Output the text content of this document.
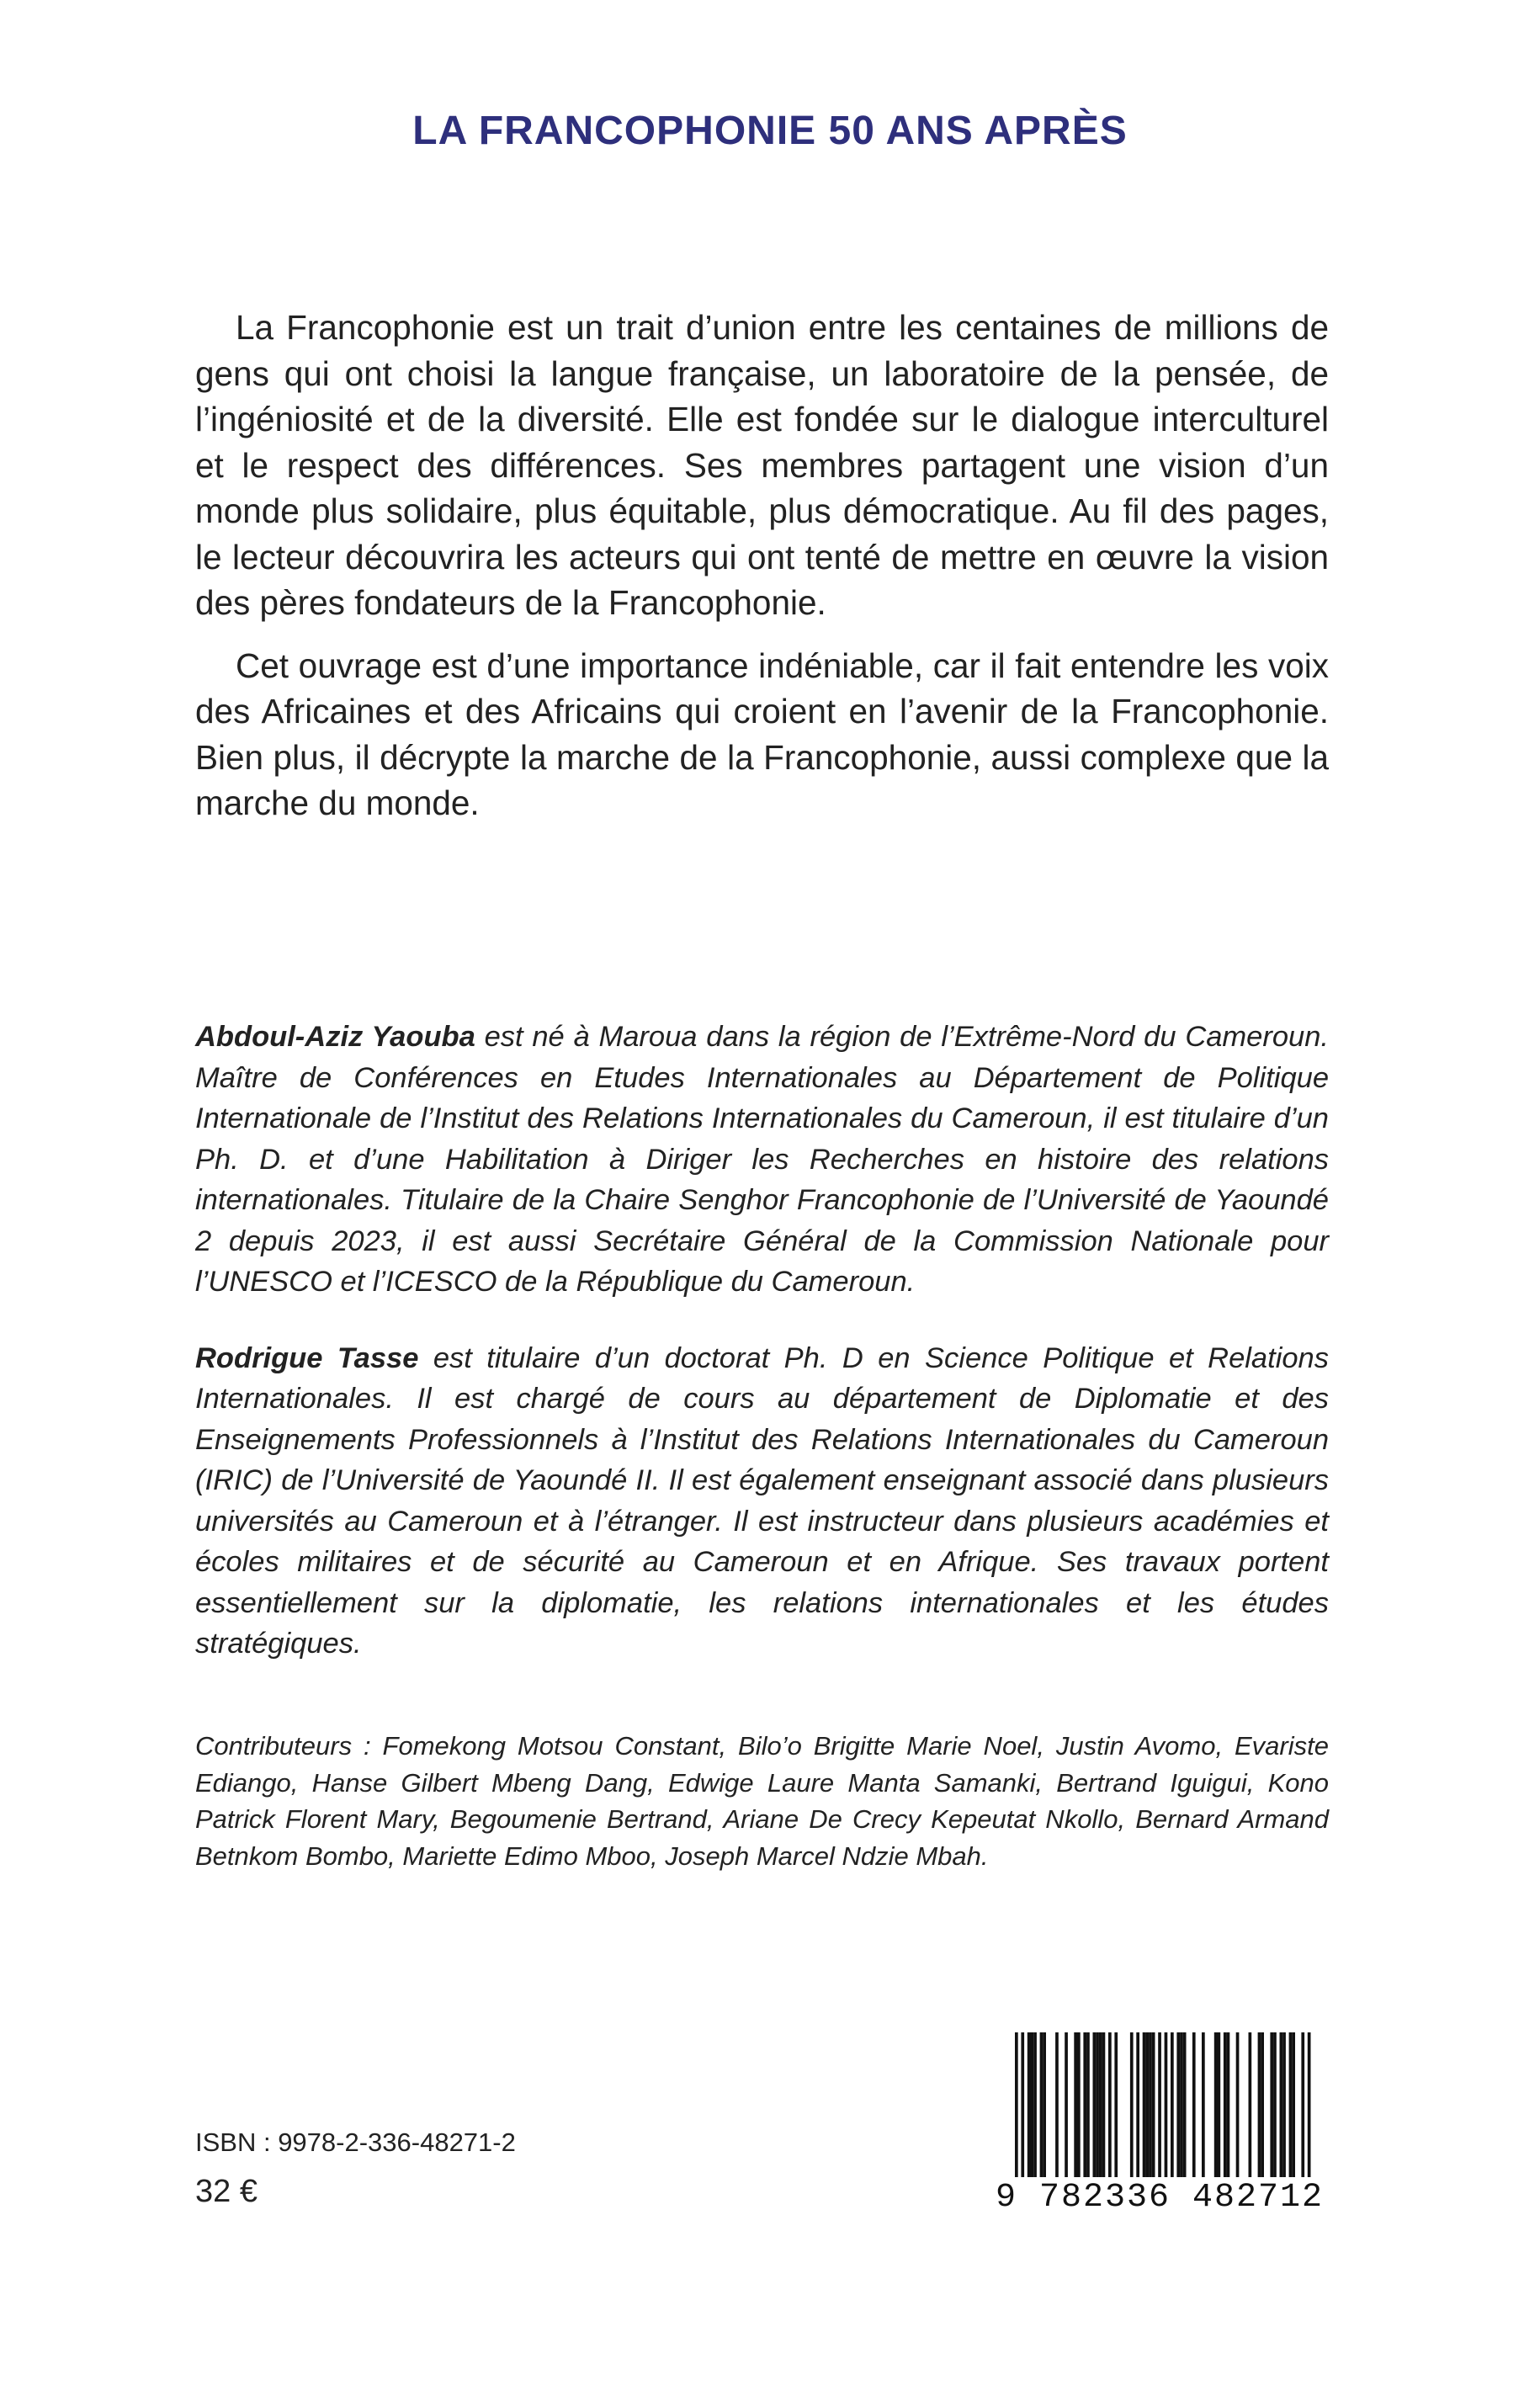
LA FRANCOPHONIE 50 ANS APRÈS

La Francophonie est un trait d’union entre les centaines de millions de gens qui ont choisi la langue française, un laboratoire de la pensée, de l’ingéniosité et de la diversité. Elle est fondée sur le dialogue interculturel et le respect des différences. Ses membres partagent une vision d’un monde plus solidaire, plus équitable, plus démocratique. Au fil des pages, le lecteur découvrira les acteurs qui ont tenté de mettre en œuvre la vision des pères fondateurs de la Francophonie.

Cet ouvrage est d’une importance indéniable, car il fait entendre les voix des Africaines et des Africains qui croient en l’avenir de la Francophonie. Bien plus, il décrypte la marche de la Francophonie, aussi complexe que la marche du monde.

Abdoul-Aziz Yaouba est né à Maroua dans la région de l’Extrême-Nord du Cameroun. Maître de Conférences en Etudes Internationales au Département de Politique Internationale de l’Institut des Relations Internationales du Cameroun, il est titulaire d’un Ph. D. et d’une Habilitation à Diriger les Recherches en histoire des relations internationales. Titulaire de la Chaire Senghor Francophonie de l’Université de Yaoundé 2 depuis 2023, il est aussi Secrétaire Général de la Commission Nationale pour l’UNESCO et l’ICESCO de la République du Cameroun.

Rodrigue Tasse est titulaire d’un doctorat Ph. D en Science Politique et Relations Internationales. Il est chargé de cours au département de Diplomatie et des Enseignements Professionnels à l’Institut des Relations Internationales du Cameroun (IRIC) de l’Université de Yaoundé II. Il est également enseignant associé dans plusieurs universités au Cameroun et à l’étranger. Il est instructeur dans plusieurs académies et écoles militaires et de sécurité au Cameroun et en Afrique. Ses travaux portent essentiellement sur la diplomatie, les relations internationales et les études stratégiques.

Contributeurs : Fomekong Motsou Constant, Bilo’o Brigitte Marie Noel, Justin Avomo, Evariste Ediango, Hanse Gilbert Mbeng Dang, Edwige Laure Manta Samanki, Bertrand Iguigui, Kono Patrick Florent Mary, Begoumenie Bertrand, Ariane De Crecy Kepeutat Nkollo, Bernard Armand Betnkom Bombo, Mariette Edimo Mboo, Joseph Marcel Ndzie Mbah.

ISBN : 9978-2-336-48271-2
32 €	9 782336 482712
